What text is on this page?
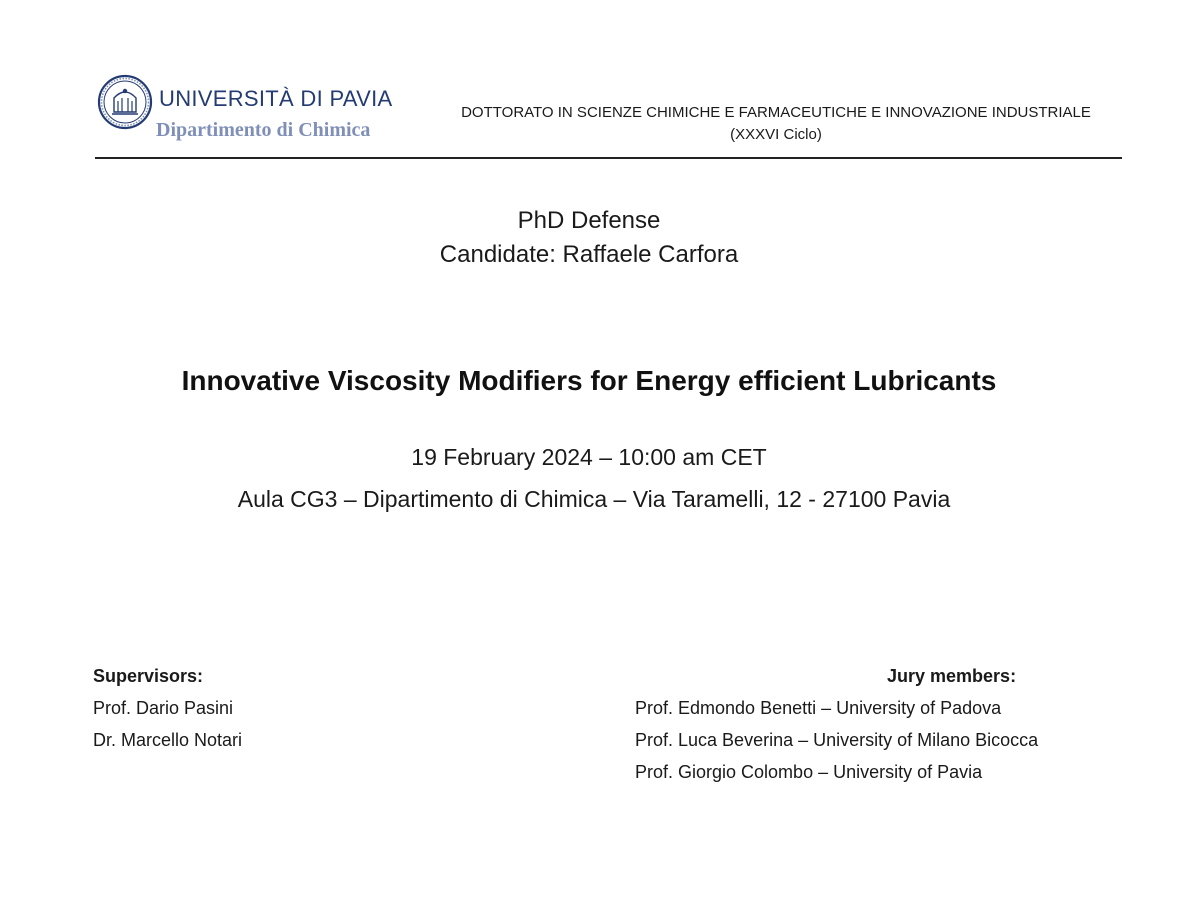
UNIVERSITÀ DI PAVIA
Dipartimento di Chimica
DOTTORATO IN SCIENZE CHIMICHE E FARMACEUTICHE E INNOVAZIONE INDUSTRIALE
(XXXVI Ciclo)
PhD Defense
Candidate: Raffaele Carfora
Innovative Viscosity Modifiers for Energy efficient Lubricants
19 February 2024 – 10:00 am CET
Aula CG3 – Dipartimento di Chimica – Via Taramelli, 12 - 27100 Pavia
Supervisors:
Prof. Dario Pasini
Dr. Marcello Notari
Jury members:
Prof. Edmondo Benetti – University of Padova
Prof. Luca Beverina – University of Milano Bicocca
Prof. Giorgio Colombo – University of Pavia
